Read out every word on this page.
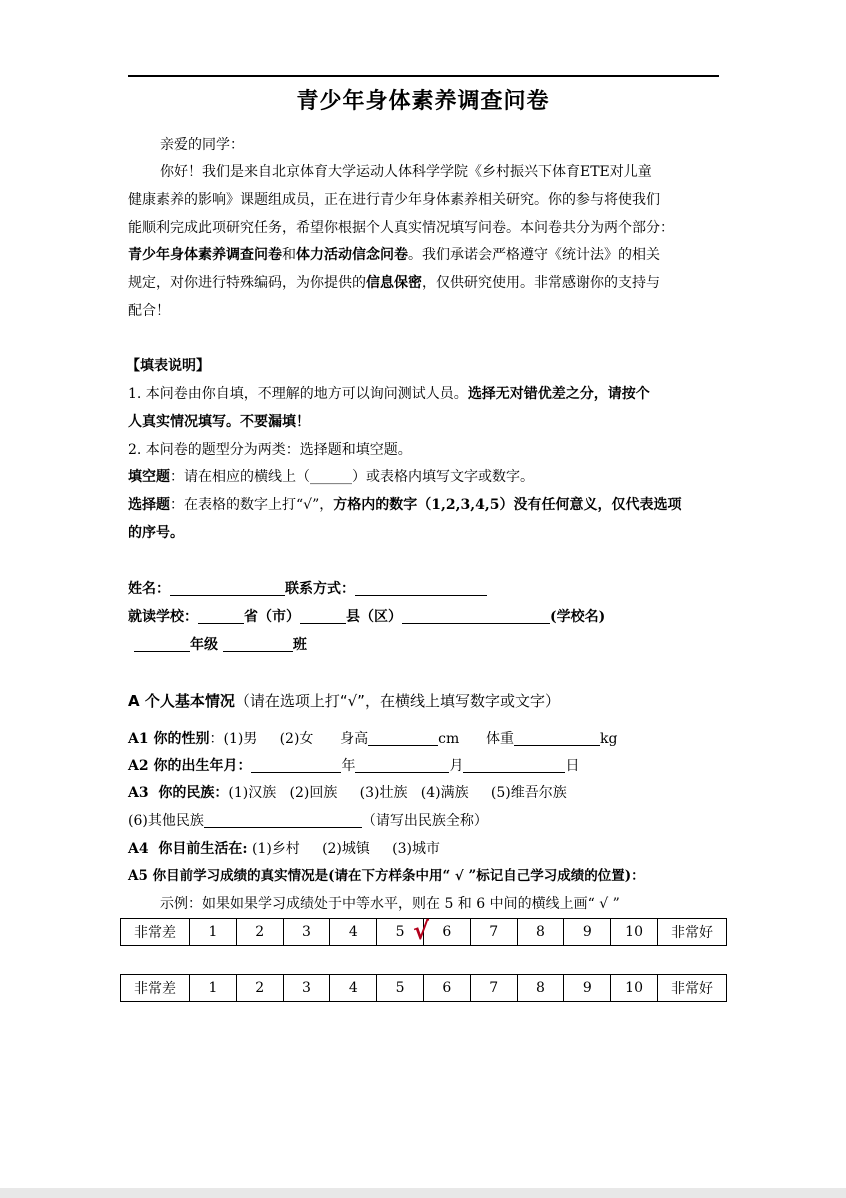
青少年身体素养调查问卷
亲爱的同学：
你好！我们是来自北京体育大学运动人体科学学院《乡村振兴下体育ETE对儿童
健康素养的影响》课题组成员，正在进行青少年身体素养相关研究。你的参与将使我们
能顺利完成此项研究任务，希望你根据个人真实情况填写问卷。本问卷共分为两个部分：
青少年身体素养调查问卷和体力活动信念问卷。我们承诺会严格遵守《统计法》的相关
规定，对你进行特殊编码，为你提供的信息保密，仅供研究使用。非常感谢你的支持与
配合！
【填表说明】
1. 本问卷由你自填，不理解的地方可以询问测试人员。选择无对错优差之分，请按个
人真实情况填写。不要漏填！
2. 本问卷的题型分为两类：选择题和填空题。
填空题：请在相应的横线上（______）或表格内填写文字或数字。
选择题：在表格的数字上打“√”，方格内的数字（1,2,3,4,5）没有任何意义，仅代表选项
的序号。
姓名：	联系方式：
就读学校：	省（市）	县（区）	(学校名)
年级	班
A 个人基本情况（请在选项上打“√”，在横线上填写数字或文字）
A1 你的性别：(1)男 (2)女 身高	cm 体重	kg
A2 你的出生年月：	年	月	日
A3  你的民族：(1)汉族   (2)回族     (3)壮族   (4)满族     (5)维吾尔族
(6)其他民族	（请写出民族全称）
A4  你目前生活在: (1)乡村     (2)城镇     (3)城市
A5 你目前学习成绩的真实情况是(请在下方样条中用“ √ ”标记自己学习成绩的位置)：
示例：如果如果学习成绩处于中等水平，则在 5 和 6 中间的横线上画“ √ ”
非常差	1	2	3	4	5	6	7	8	9	10	非常好
√
非常差	1	2	3	4	5	6	7	8	9	10	非常好
